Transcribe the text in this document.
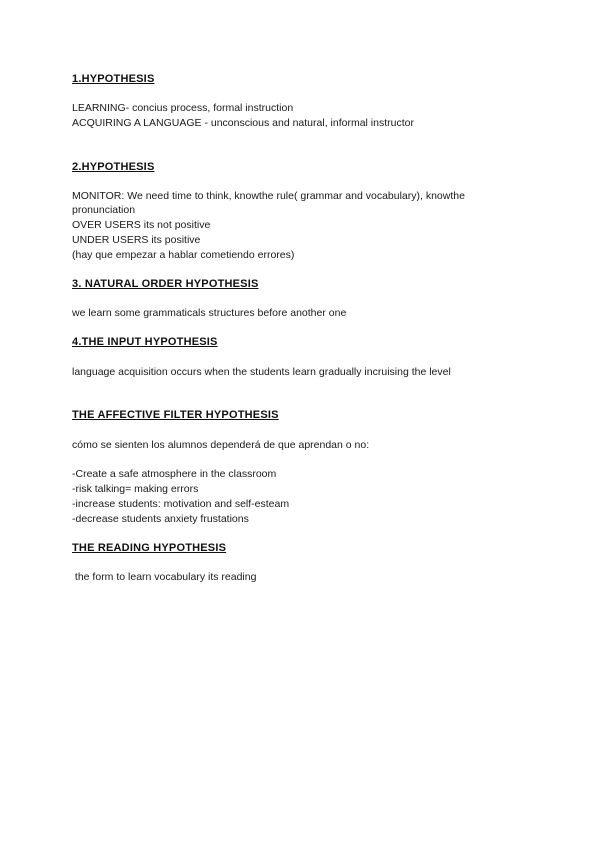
1.HYPOTHESIS
LEARNING- concius process, formal instruction
ACQUIRING A LANGUAGE - unconscious and natural, informal instructor
2.HYPOTHESIS
MONITOR: We need time to think, knowthe rule( grammar and vocabulary), knowthe
pronunciation
OVER USERS its not positive
UNDER USERS its positive
(hay que empezar a hablar cometiendo errores)
3. NATURAL ORDER HYPOTHESIS
we learn some grammaticals structures before another one
4.THE INPUT HYPOTHESIS
language acquisition occurs when the students learn gradually incruising the level
THE AFFECTIVE FILTER HYPOTHESIS
cómo se sienten los alumnos dependerá de que aprendan o no:
-Create a safe atmosphere in the classroom
-risk talking= making errors
-increase students: motivation and self-esteam
-decrease students anxiety frustations
THE READING HYPOTHESIS
the form to learn vocabulary its reading
